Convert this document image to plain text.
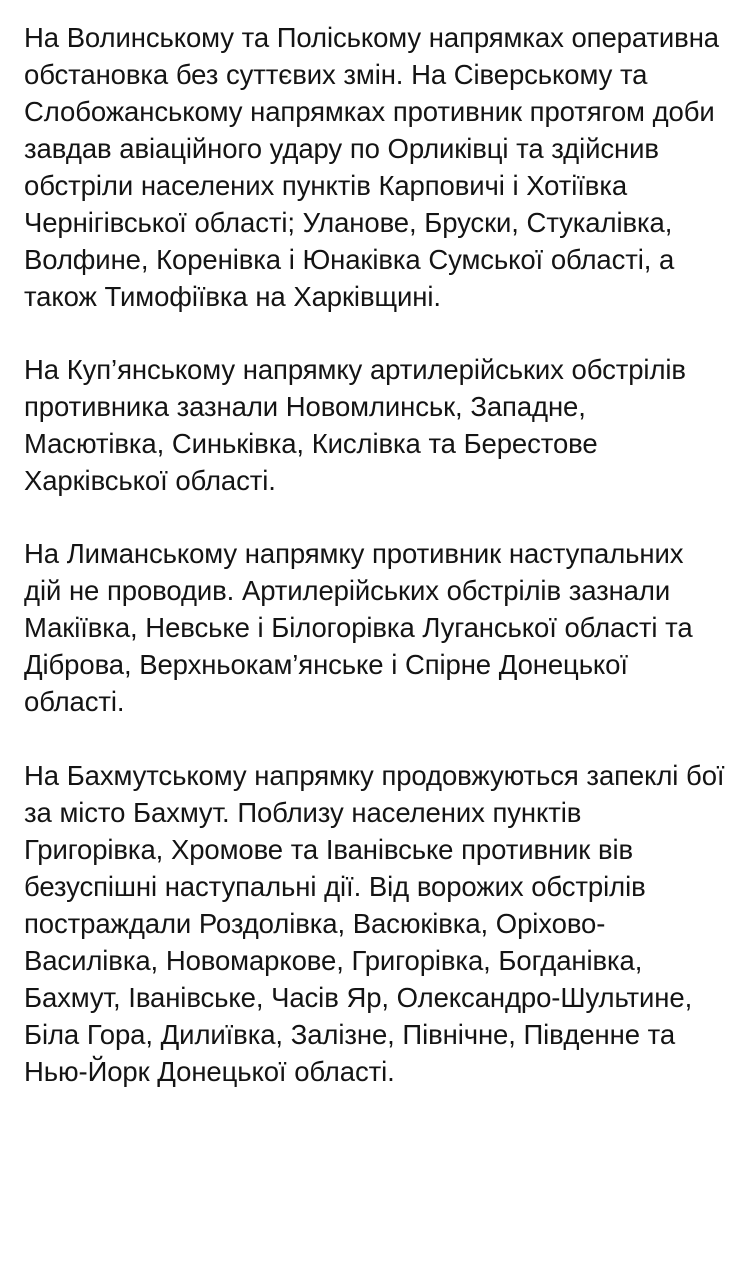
На Волинському та Поліському напрямках оперативна обстановка без суттєвих змін. На Сіверському та Слобожанському напрямках противник протягом доби завдав авіаційного удару по Орликівці та здійснив обстріли населених пунктів Карповичі і Хотіївка Чернігівської області; Уланове, Бруски, Стукалівка, Волфине, Коренівка і Юнаківка Сумської області, а також Тимофіївка на Харківщині.

На Куп’янському напрямку артилерійських обстрілів противника зазнали Новомлинськ, Западне, Масютівка, Синьківка, Кислівка та Берестове Харківської області.

На Лиманському напрямку противник наступальних дій не проводив. Артилерійських обстрілів зазнали Макіївка, Невське і Білогорівка Луганської області та Діброва, Верхньокам’янське і Спірне Донецької області.

На Бахмутському напрямку продовжуються запеклі бої за місто Бахмут. Поблизу населених пунктів Григорівка, Хромове та Іванівське противник вів безуспішні наступальні дії. Від ворожих обстрілів постраждали Роздолівка, Васюківка, Оріхово-Василівка, Новомаркове, Григорівка, Богданівка, Бахмут, Іванівське, Часів Яр, Олександро-Шультине, Біла Гора, Дилиївка, Залізне, Північне, Південне та Нью-Йорк Донецької області.
